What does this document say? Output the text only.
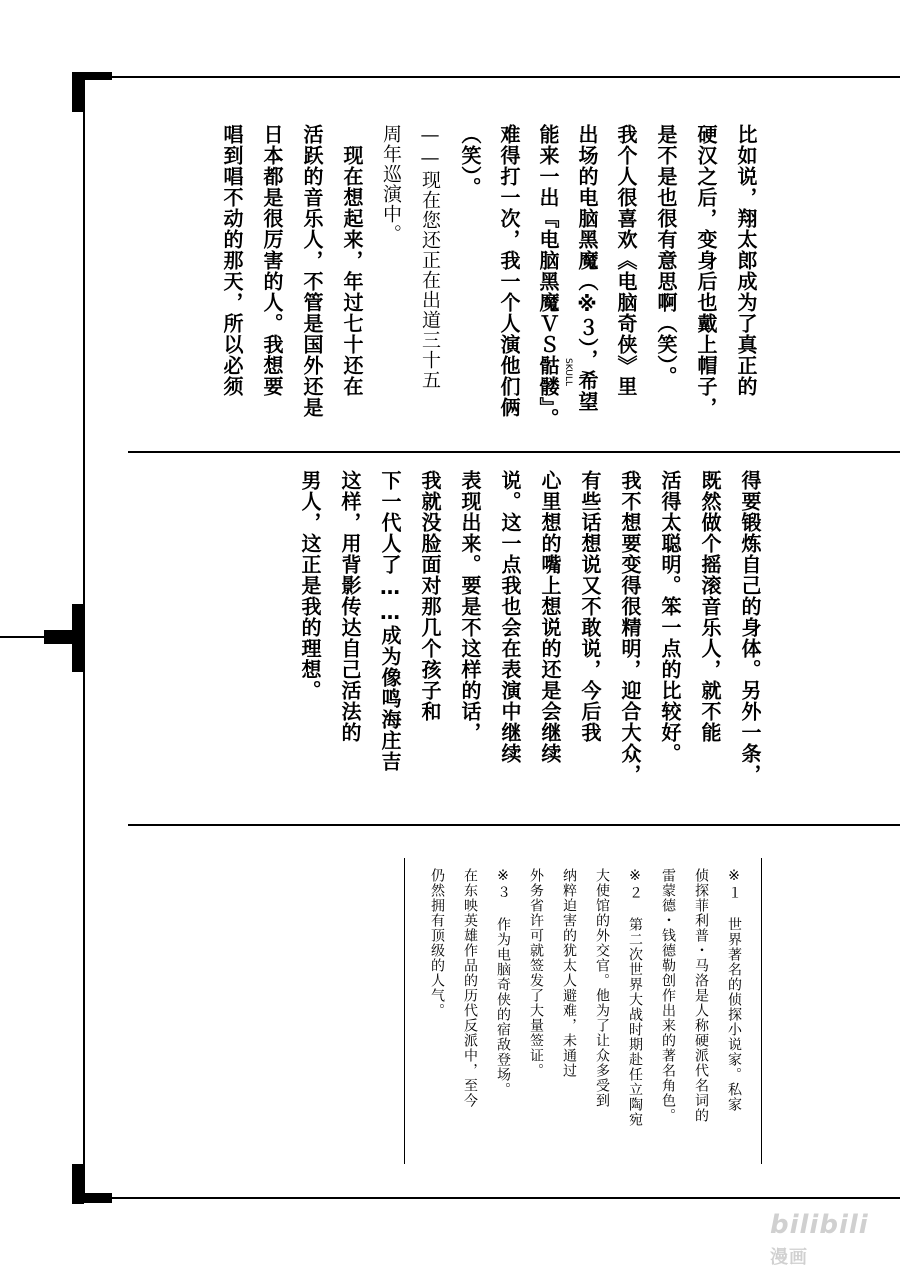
比如说，翔太郎成为了真正的
硬汉之后，变身后也戴上帽子，
是不是也很有意思啊（笑）。
我个人很喜欢《电脑奇侠》里
出场的电脑黑魔（※３），希望
能来一出『电脑黑魔ＶＳ骷髅』。 SKULL
难得打一次，我一个人演他们俩
（笑）。
——现在您还正在出道三十五
周年巡演中。
　现在想起来，年过七十还在
活跃的音乐人，不管是国外还是
日本都是很厉害的人。我想要
唱到唱不动的那天，所以必须
得要锻炼自己的身体。另外一条，
既然做个摇滚音乐人，就不能
活得太聪明。笨一点的比较好。
我不想要变得很精明，迎合大众，
有些话想说又不敢说，今后我
心里想的嘴上想说的还是会继续
说。这一点我也会在表演中继续
表现出来。要是不这样的话，
我就没脸面对那几个孩子和
下一代人了……成为像鸣海庄吉
这样，用背影传达自己活法的
男人，这正是我的理想。
※１ 世界著名的侦探小说家。私家
侦探菲利普・马洛是人称硬派代名词的
雷蒙德・钱德勒创作出来的著名角色。
※２ 第二次世界大战时期赴任立陶宛
大使馆的外交官。他为了让众多受到
纳粹迫害的犹太人避难，未通过
外务省许可就签发了大量签证。
※３ 作为电脑奇侠的宿敌登场。
在东映英雄作品的历代反派中，至今
仍然拥有顶级的人气。
bilibili 漫画
